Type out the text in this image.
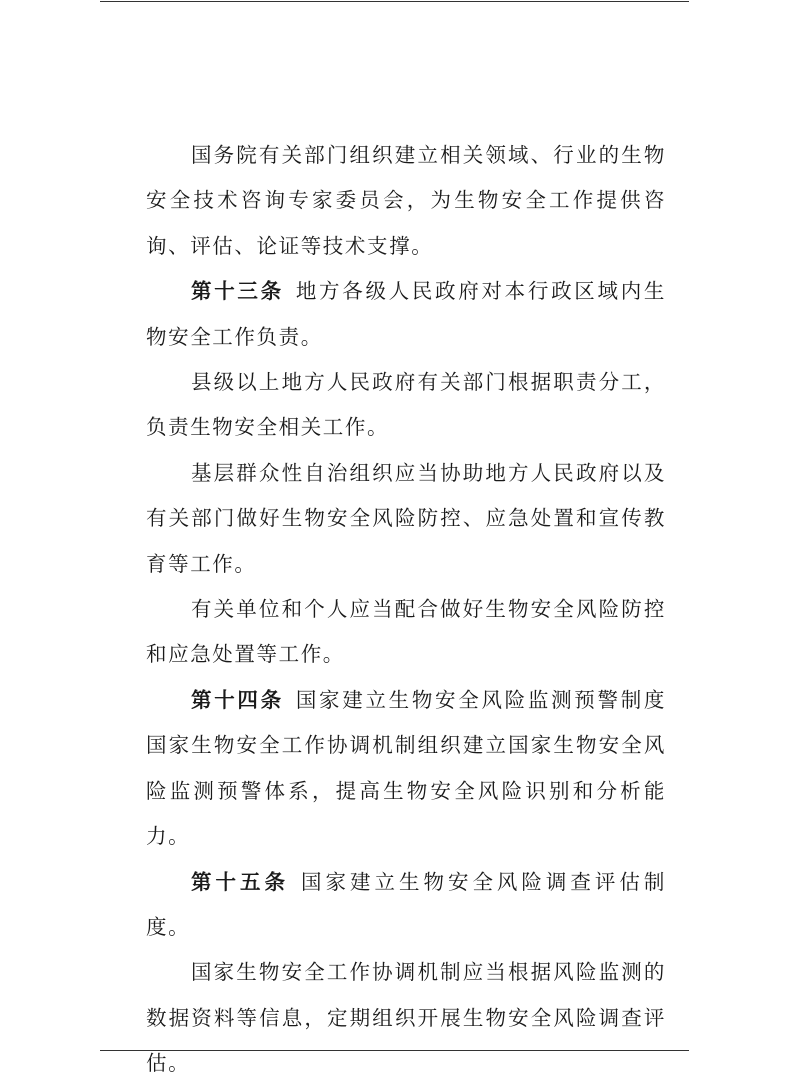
国务院有关部门组织建立相关领域、行业的生物安全技术咨询专家委员会，为生物安全工作提供咨询、评估、论证等技术支撑。

第十三条 地方各级人民政府对本行政区域内生物安全工作负责。

县级以上地方人民政府有关部门根据职责分工，负责生物安全相关工作。

基层群众性自治组织应当协助地方人民政府以及有关部门做好生物安全风险防控、应急处置和宣传教育等工作。

有关单位和个人应当配合做好生物安全风险防控和应急处置等工作。

第十四条 国家建立生物安全风险监测预警制度国家生物安全工作协调机制组织建立国家生物安全风险监测预警体系，提高生物安全风险识别和分析能力。

第十五条 国家建立生物安全风险调查评估制度。

国家生物安全工作协调机制应当根据风险监测的数据资料等信息，定期组织开展生物安全风险调查评估。
